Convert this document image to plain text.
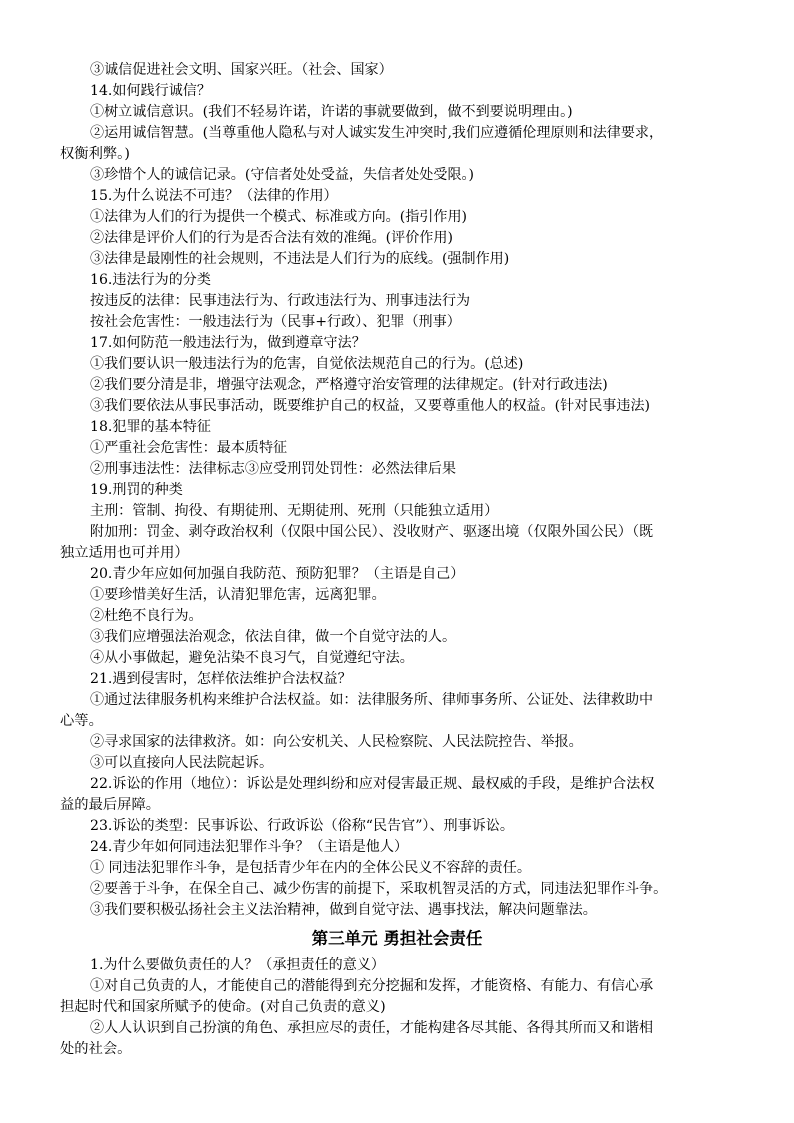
③诚信促进社会文明、国家兴旺。（社会、国家）

14.如何践行诚信？

①树立诚信意识。(我们不轻易许诺，许诺的事就要做到，做不到要说明理由。)

②运用诚信智慧。(当尊重他人隐私与对人诚实发生冲突时,我们应遵循伦理原则和法律要求，

权衡利弊。)

③珍惜个人的诚信记录。(守信者处处受益，失信者处处受限。)

15.为什么说法不可违？（法律的作用）

①法律为人们的行为提供一个模式、标准或方向。(指引作用)

②法律是评价人们的行为是否合法有效的准绳。(评价作用)

③法律是最刚性的社会规则，不违法是人们行为的底线。(强制作用)

16.违法行为的分类

按违反的法律：民事违法行为、行政违法行为、刑事违法行为

按社会危害性：一般违法行为（民事+行政）、犯罪（刑事）

17.如何防范一般违法行为，做到遵章守法？

①我们要认识一般违法行为的危害，自觉依法规范自己的行为。(总述)

②我们要分清是非，增强守法观念，严格遵守治安管理的法律规定。(针对行政违法)

③我们要依法从事民事活动，既要维护自己的权益，又要尊重他人的权益。(针对民事违法)

18.犯罪的基本特征

①严重社会危害性：最本质特征

②刑事违法性：法律标志③应受刑罚处罚性：必然法律后果

19.刑罚的种类

主刑：管制、拘役、有期徒刑、无期徒刑、死刑（只能独立适用）

附加刑：罚金、剥夺政治权利（仅限中国公民）、没收财产、驱逐出境（仅限外国公民）（既

独立适用也可并用）

20.青少年应如何加强自我防范、预防犯罪？（主语是自己）

①要珍惜美好生活，认清犯罪危害，远离犯罪。

②杜绝不良行为。

③我们应增强法治观念，依法自律，做一个自觉守法的人。

④从小事做起，避免沾染不良习气，自觉遵纪守法。

21.遇到侵害时，怎样依法维护合法权益？

①通过法律服务机构来维护合法权益。如：法律服务所、律师事务所、公证处、法律救助中

心等。

②寻求国家的法律救济。如：向公安机关、人民检察院、人民法院控告、举报。

③可以直接向人民法院起诉。

22.诉讼的作用（地位）：诉讼是处理纠纷和应对侵害最正规、最权威的手段，是维护合法权

益的最后屏障。

23.诉讼的类型：民事诉讼、行政诉讼（俗称“民告官”）、刑事诉讼。

24.青少年如何同违法犯罪作斗争？（主语是他人）

① 同违法犯罪作斗争，是包括青少年在内的全体公民义不容辞的责任。

②要善于斗争，在保全自己、减少伤害的前提下，采取机智灵活的方式，同违法犯罪作斗争。

③我们要积极弘扬社会主义法治精神，做到自觉守法、遇事找法，解决问题靠法。

第三单元 勇担社会责任

1.为什么要做负责任的人？（承担责任的意义）

①对自己负责的人，才能使自己的潜能得到充分挖掘和发挥，才能资格、有能力、有信心承

担起时代和国家所赋予的使命。(对自己负责的意义)

②人人认识到自己扮演的角色、承担应尽的责任，才能构建各尽其能、各得其所而又和谐相

处的社会。
